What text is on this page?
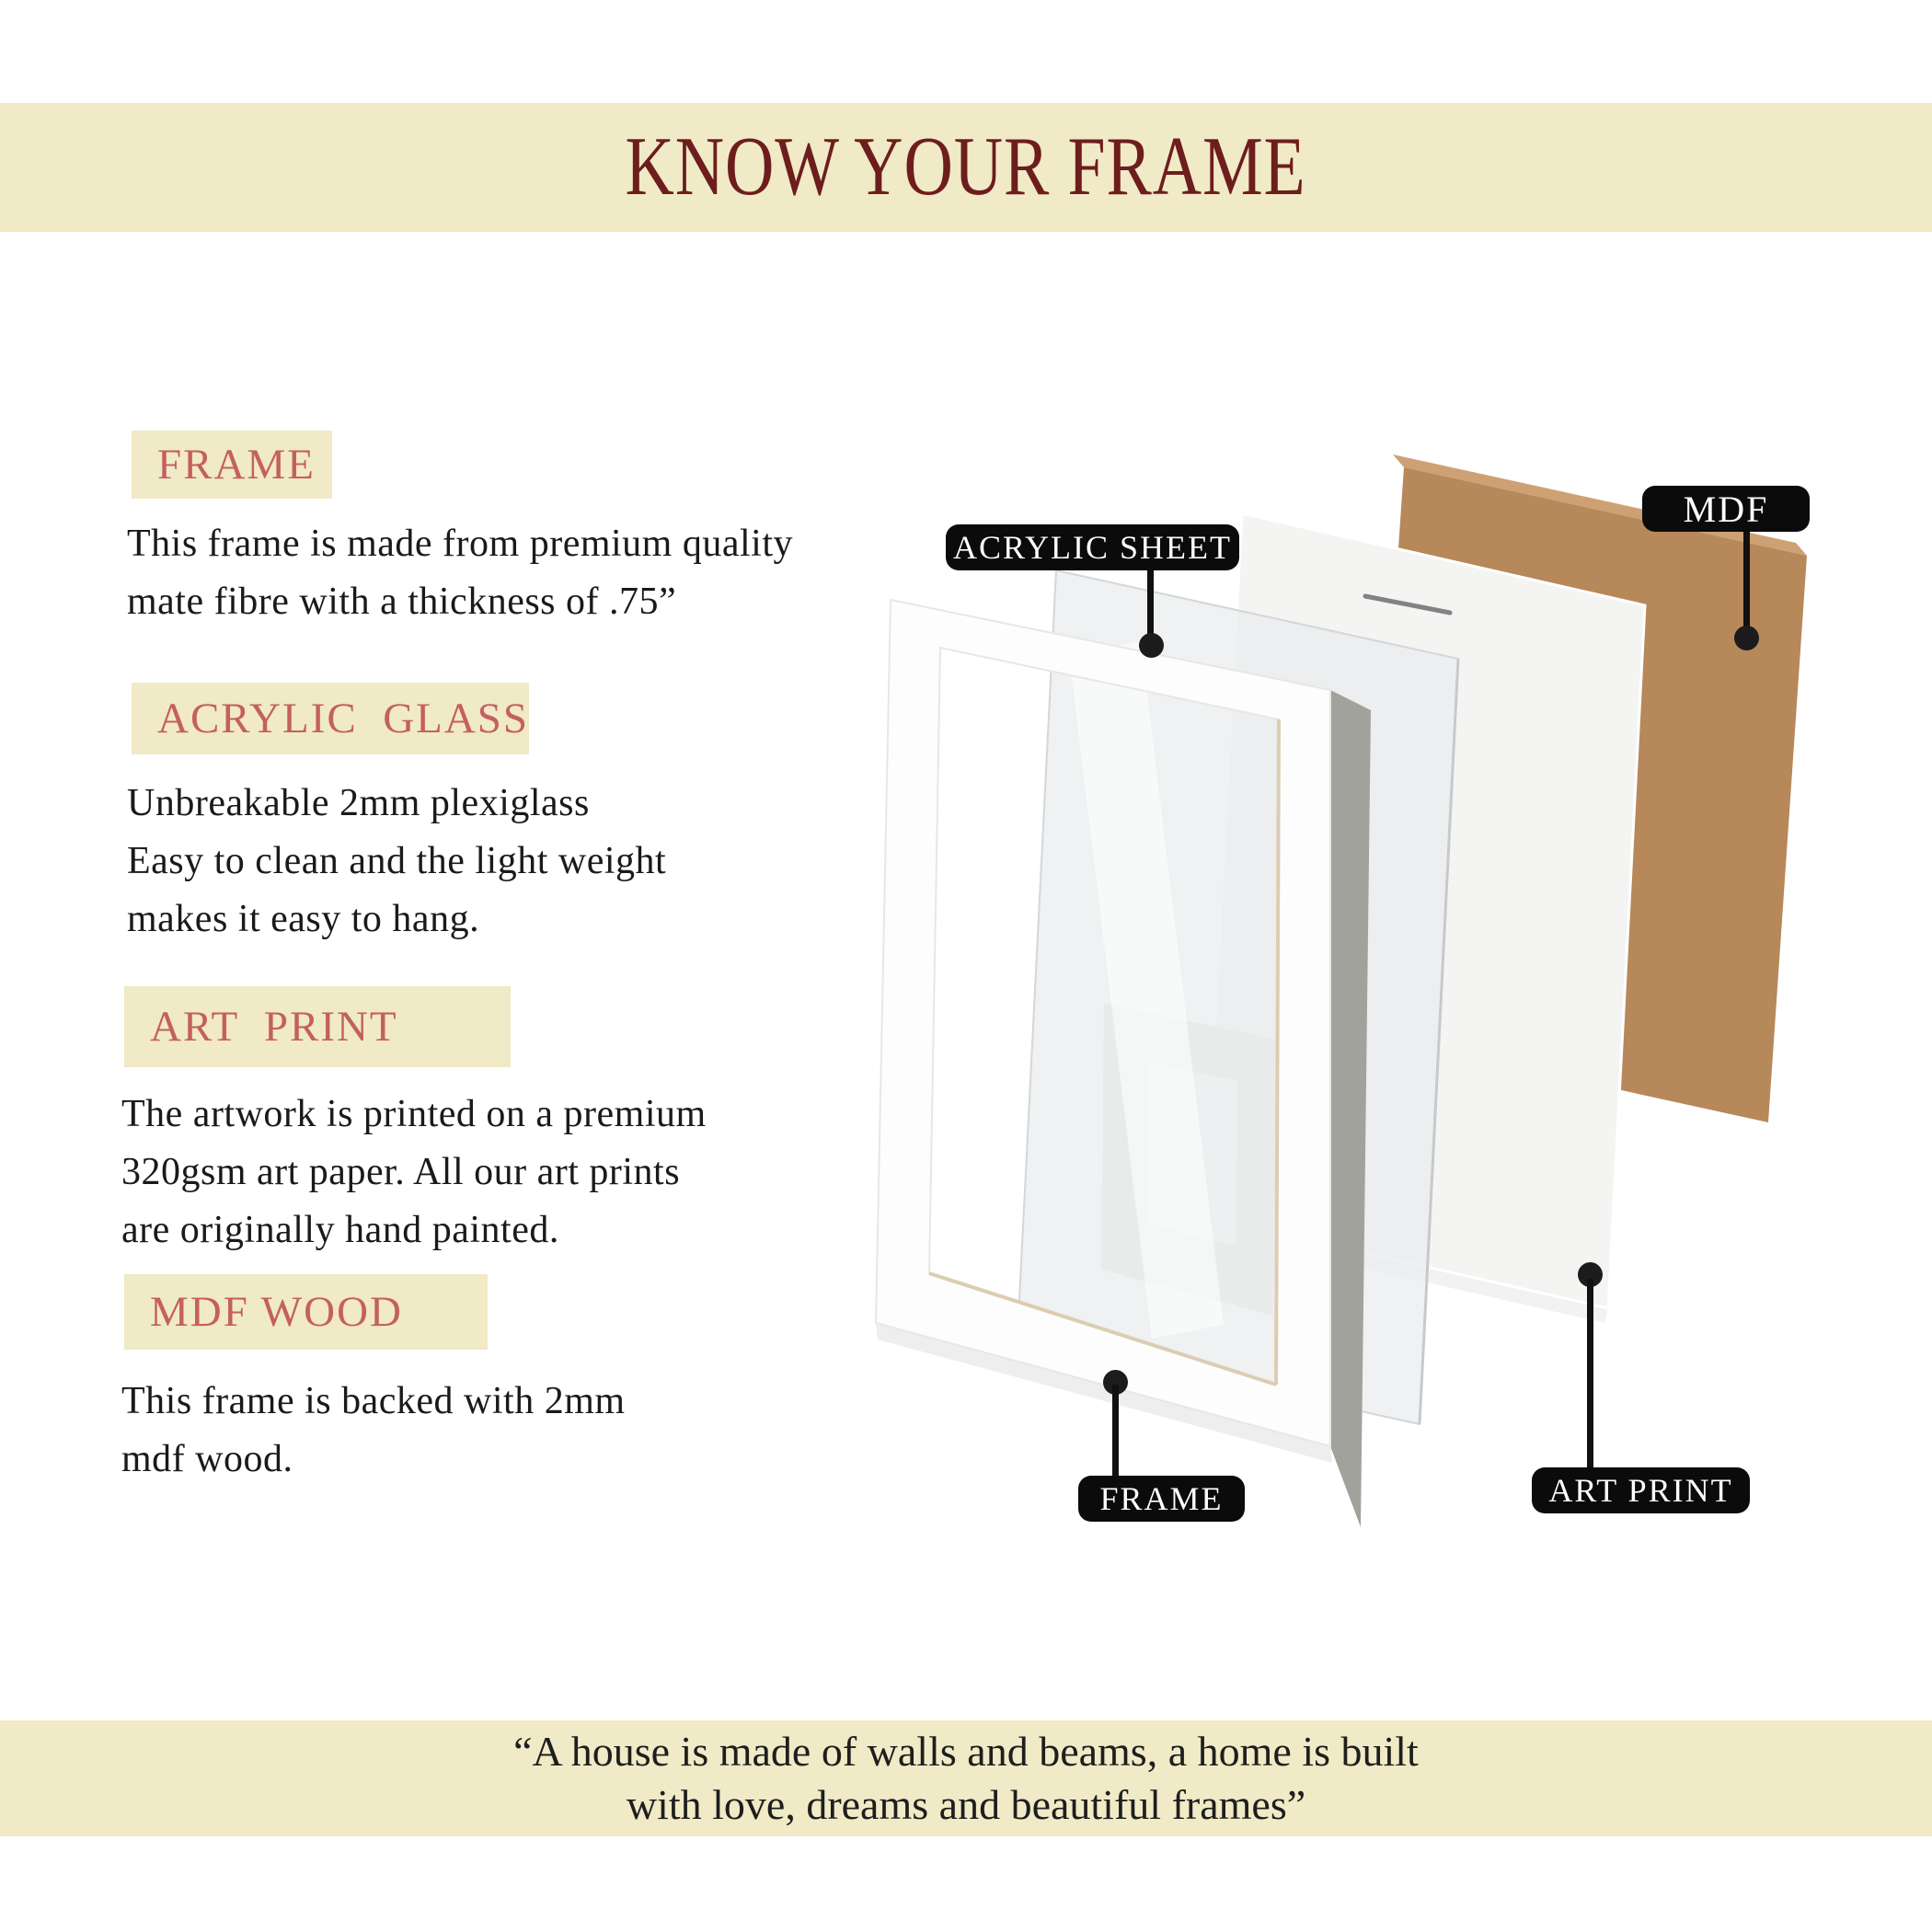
KNOW YOUR FRAME
FRAME
This frame is made from premium quality
mate fibre with a thickness of .75”
ACRYLIC  GLASS
Unbreakable 2mm plexiglass
Easy to clean and the light weight
makes it easy to hang.
ART  PRINT
The artwork is printed on a premium
320gsm art paper. All our art prints
are originally hand painted.
MDF WOOD
This frame is backed with 2mm
mdf wood.
ACRYLIC SHEET
MDF
FRAME	ART PRINT
“A house is made of walls and beams, a home is built
with love, dreams and beautiful frames”
